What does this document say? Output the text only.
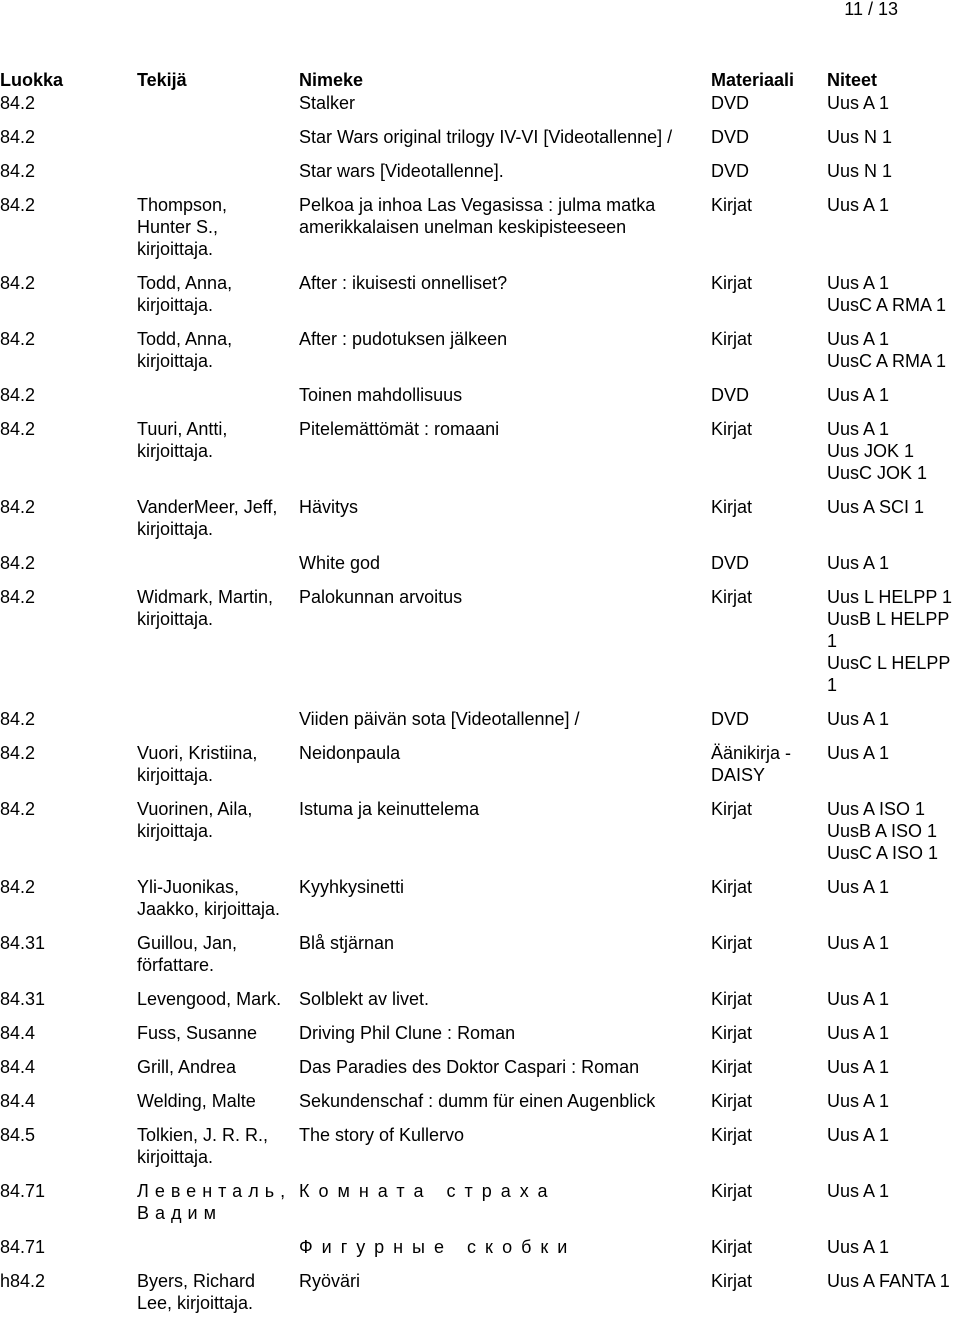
11 / 13
Luokka	Tekijä	Nimeke	Materiaali	Niteet
84.2		Stalker	DVD	Uus A 1

84.2		Star Wars original trilogy IV-VI [Videotallenne] /	DVD	Uus N 1

84.2		Star wars [Videotallenne].	DVD	Uus N 1

84.2	Thompson,
Hunter S.,
kirjoittaja.	Pelkoa ja inhoa Las Vegasissa : julma matka
amerikkalaisen unelman keskipisteeseen	Kirjat	Uus A 1

84.2	Todd, Anna,
kirjoittaja.	After : ikuisesti onnelliset?	Kirjat	Uus A 1
UusC A RMA 1

84.2	Todd, Anna,
kirjoittaja.	After : pudotuksen jälkeen	Kirjat	Uus A 1
UusC A RMA 1

84.2		Toinen mahdollisuus	DVD	Uus A 1

84.2	Tuuri, Antti,
kirjoittaja.	Pitelemättömät : romaani	Kirjat	Uus A 1
Uus JOK 1
UusC JOK 1

84.2	VanderMeer, Jeff,
kirjoittaja.	Hävitys	Kirjat	Uus A SCI 1

84.2		White god	DVD	Uus A 1

84.2	Widmark, Martin,
kirjoittaja.	Palokunnan arvoitus	Kirjat	Uus L HELPP 1
UusB L HELPP
1
UusC L HELPP
1

84.2		Viiden päivän sota [Videotallenne] /	DVD	Uus A 1

84.2	Vuori, Kristiina,
kirjoittaja.	Neidonpaula	Äänikirja -
DAISY	Uus A 1

84.2	Vuorinen, Aila,
kirjoittaja.	Istuma ja keinuttelema	Kirjat	Uus A ISO 1
UusB A ISO 1
UusC A ISO 1

84.2	Yli-Juonikas,
Jaakko, kirjoittaja.	Kyyhkysinetti	Kirjat	Uus A 1

84.31	Guillou, Jan,
författare.	Blå stjärnan	Kirjat	Uus A 1

84.31	Levengood, Mark.	Solblekt av livet.	Kirjat	Uus A 1

84.4	Fuss, Susanne	Driving Phil Clune : Roman	Kirjat	Uus A 1

84.4	Grill, Andrea	Das Paradies des Doktor Caspari : Roman	Kirjat	Uus A 1

84.4	Welding, Malte	Sekundenschaf : dumm für einen Augenblick	Kirjat	Uus A 1

84.5	Tolkien, J. R. R.,
kirjoittaja.	The story of Kullervo	Kirjat	Uus A 1

84.71	Левенталь,
Вадим	Комната страха	Kirjat	Uus A 1

84.71		Фигурные скобки	Kirjat	Uus A 1

h84.2	Byers, Richard
Lee, kirjoittaja.	Ryöväri	Kirjat	Uus A FANTA 1
